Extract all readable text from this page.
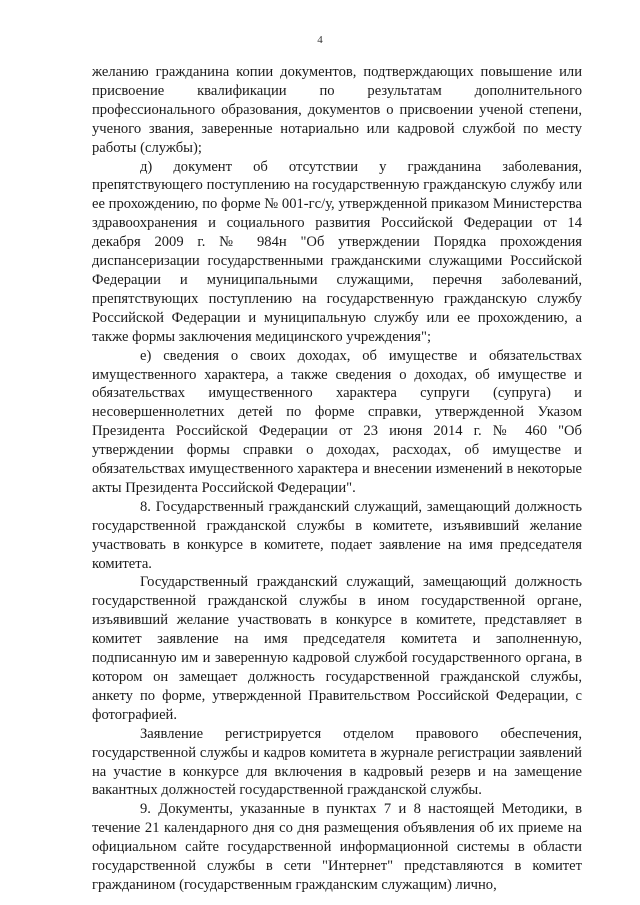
4

желанию гражданина копии документов, подтверждающих повышение или присвоение квалификации по результатам дополнительного профессионального образования, документов о присвоении ученой степени, ученого звания, заверенные нотариально или кадровой службой по месту работы (службы);

д) документ об отсутствии у гражданина заболевания, препятствующего поступлению на государственную гражданскую службу или ее прохождению, по форме № 001-гс/у, утвержденной приказом Министерства здравоохранения и социального развития Российской Федерации от 14 декабря 2009 г. № 984н "Об утверждении Порядка прохождения диспансеризации государственными гражданскими служащими Российской Федерации и муниципальными служащими, перечня заболеваний, препятствующих поступлению на государственную гражданскую службу Российской Федерации и муниципальную службу или ее прохождению, а также формы заключения медицинского учреждения";

е) сведения о своих доходах, об имуществе и обязательствах имущественного характера, а также сведения о доходах, об имуществе и обязательствах имущественного характера супруги (супруга) и несовершеннолетних детей по форме справки, утвержденной Указом Президента Российской Федерации от 23 июня 2014 г. № 460 "Об утверждении формы справки о доходах, расходах, об имуществе и обязательствах имущественного характера и внесении изменений в некоторые акты Президента Российской Федерации".

8. Государственный гражданский служащий, замещающий должность государственной гражданской службы в комитете, изъявивший желание участвовать в конкурсе в комитете, подает заявление на имя председателя комитета.

Государственный гражданский служащий, замещающий должность государственной гражданской службы в ином государственной органе, изъявивший желание участвовать в конкурсе в комитете, представляет в комитет заявление на имя председателя комитета и заполненную, подписанную им и заверенную кадровой службой государственного органа, в котором он замещает должность государственной гражданской службы, анкету по форме, утвержденной Правительством Российской Федерации, с фотографией.

Заявление регистрируется отделом правового обеспечения, государственной службы и кадров комитета в журнале регистрации заявлений на участие в конкурсе для включения в кадровый резерв и на замещение вакантных должностей государственной гражданской службы.

9. Документы, указанные в пунктах 7 и 8 настоящей Методики, в течение 21 календарного дня со дня размещения объявления об их приеме на официальном сайте государственной информационной системы в области государственной службы в сети "Интернет" представляются в комитет гражданином (государственным гражданским служащим) лично,
